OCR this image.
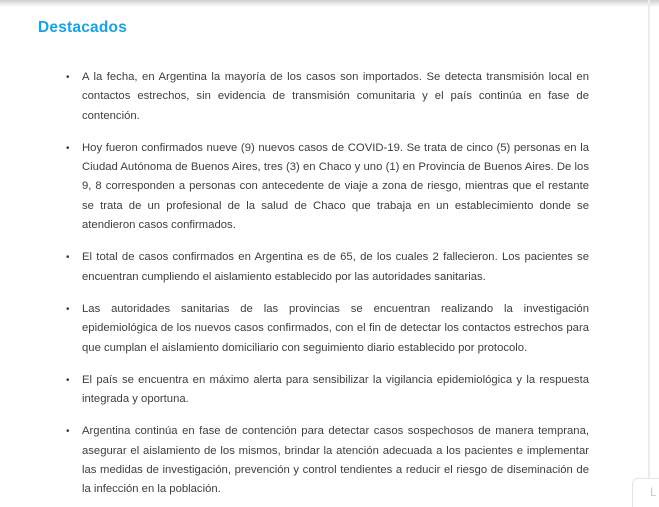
Destacados
• A la fecha, en Argentina la mayoría de los casos son importados. Se detecta transmisión local en contactos estrechos, sin evidencia de transmisión comunitaria y el país continúa en fase de contención.
• Hoy fueron confirmados nueve (9) nuevos casos de COVID-19. Se trata de cinco (5) personas en la Ciudad Autónoma de Buenos Aires, tres (3) en Chaco y uno (1) en Provincia de Buenos Aires. De los 9, 8 corresponden a personas con antecedente de viaje a zona de riesgo, mientras que el restante se trata de un profesional de la salud de Chaco que trabaja en un establecimiento donde se atendieron casos confirmados.
• El total de casos confirmados en Argentina es de 65, de los cuales 2 fallecieron. Los pacientes se encuentran cumpliendo el aislamiento establecido por las autoridades sanitarias.
• Las autoridades sanitarias de las provincias se encuentran realizando la investigación epidemiológica de los nuevos casos confirmados, con el fin de detectar los contactos estrechos para que cumplan el aislamiento domiciliario con seguimiento diario establecido por protocolo.
• El país se encuentra en máximo alerta para sensibilizar la vigilancia epidemiológica y la respuesta integrada y oportuna.
• Argentina continúa en fase de contención para detectar casos sospechosos de manera temprana, asegurar el aislamiento de los mismos, brindar la atención adecuada a los pacientes e implementar las medidas de investigación, prevención y control tendientes a reducir el riesgo de diseminación de la infección en la población.	L
